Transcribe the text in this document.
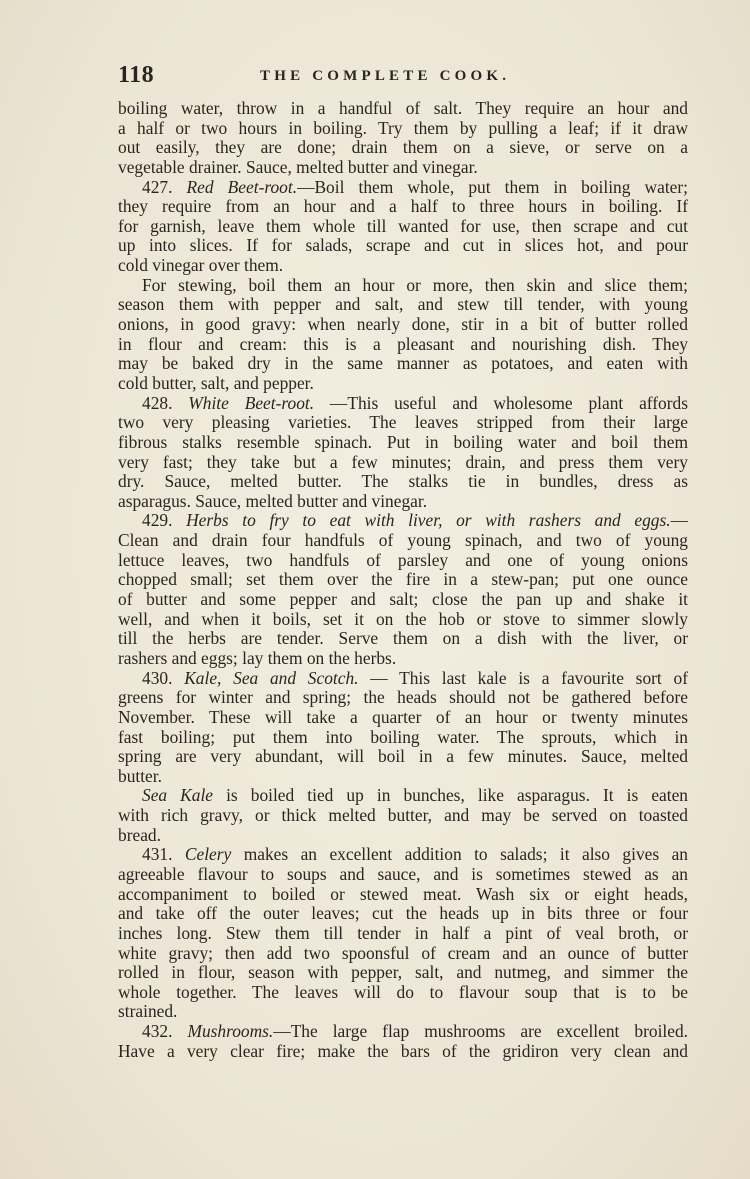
118	THE COMPLETE COOK.
boiling water, throw in a handful of salt. They require an hour and
a half or two hours in boiling. Try them by pulling a leaf; if it draw
out easily, they are done; drain them on a sieve, or serve on a
vegetable drainer. Sauce, melted butter and vinegar.
427. Red Beet-root.—Boil them whole, put them in boiling water;
they require from an hour and a half to three hours in boiling. If
for garnish, leave them whole till wanted for use, then scrape and cut
up into slices. If for salads, scrape and cut in slices hot, and pour
cold vinegar over them.
For stewing, boil them an hour or more, then skin and slice them;
season them with pepper and salt, and stew till tender, with young
onions, in good gravy: when nearly done, stir in a bit of butter rolled
in flour and cream: this is a pleasant and nourishing dish. They
may be baked dry in the same manner as potatoes, and eaten with
cold butter, salt, and pepper.
428. White Beet-root. —This useful and wholesome plant affords
two very pleasing varieties. The leaves stripped from their large
fibrous stalks resemble spinach. Put in boiling water and boil them
very fast; they take but a few minutes; drain, and press them very
dry. Sauce, melted butter. The stalks tie in bundles, dress as
asparagus. Sauce, melted butter and vinegar.
429. Herbs to fry to eat with liver, or with rashers and eggs.—
Clean and drain four handfuls of young spinach, and two of young
lettuce leaves, two handfuls of parsley and one of young onions
chopped small; set them over the fire in a stew-pan; put one ounce
of butter and some pepper and salt; close the pan up and shake it
well, and when it boils, set it on the hob or stove to simmer slowly
till the herbs are tender. Serve them on a dish with the liver, or
rashers and eggs; lay them on the herbs.
430. Kale, Sea and Scotch. — This last kale is a favourite sort of
greens for winter and spring; the heads should not be gathered before
November. These will take a quarter of an hour or twenty minutes
fast boiling; put them into boiling water. The sprouts, which in
spring are very abundant, will boil in a few minutes. Sauce, melted
butter.
Sea Kale is boiled tied up in bunches, like asparagus. It is eaten
with rich gravy, or thick melted butter, and may be served on toasted
bread.
431. Celery makes an excellent addition to salads; it also gives an
agreeable flavour to soups and sauce, and is sometimes stewed as an
accompaniment to boiled or stewed meat. Wash six or eight heads,
and take off the outer leaves; cut the heads up in bits three or four
inches long. Stew them till tender in half a pint of veal broth, or
white gravy; then add two spoonsful of cream and an ounce of butter
rolled in flour, season with pepper, salt, and nutmeg, and simmer the
whole together. The leaves will do to flavour soup that is to be
strained.
432. Mushrooms.—The large flap mushrooms are excellent broiled.
Have a very clear fire; make the bars of the gridiron very clean and
